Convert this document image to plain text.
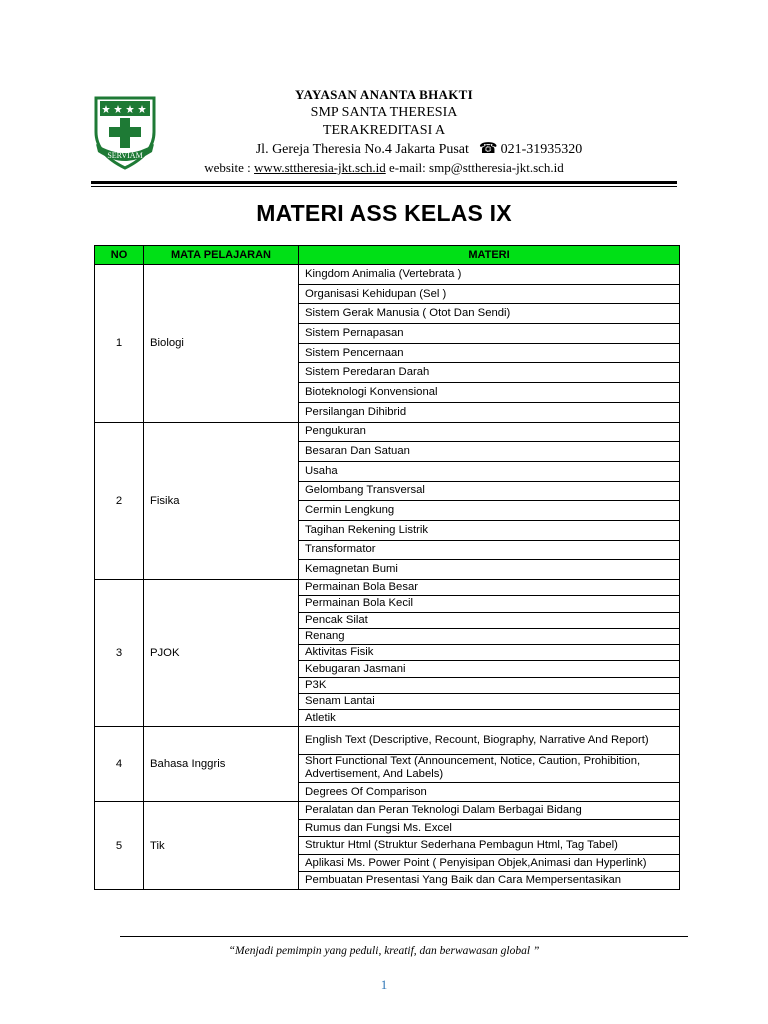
SERVIAM
YAYASAN ANANTA BHAKTI
SMP SANTA THERESIA
TERAKREDITASI A
Jl. Gereja Theresia No.4 Jakarta Pusat ☎ 021-31935320
website : www.sttheresia-jkt.sch.id e-mail: smp@sttheresia-jkt.sch.id
MATERI ASS KELAS IX
NO	MATA PELAJARAN	MATERI
1	Biologi	Kingdom Animalia (Vertebrata )
		Organisasi Kehidupan (Sel )
		Sistem Gerak Manusia ( Otot Dan Sendi)
		Sistem Pernapasan
		Sistem Pencernaan
		Sistem Peredaran Darah
		Bioteknologi Konvensional
		Persilangan Dihibrid
2	Fisika	Pengukuran
		Besaran Dan Satuan
		Usaha
		Gelombang Transversal
		Cermin Lengkung
		Tagihan Rekening Listrik
		Transformator
		Kemagnetan Bumi
3	PJOK	Permainan Bola Besar
		Permainan Bola Kecil
		Pencak Silat
		Renang
		Aktivitas Fisik
		Kebugaran Jasmani
		P3K
		Senam Lantai
		Atletik
4	Bahasa Inggris	English Text (Descriptive, Recount, Biography, Narrative And Report)
		Short Functional Text (Announcement, Notice, Caution, Prohibition, Advertisement, And Labels)
		Degrees Of Comparison
5	Tik	Peralatan dan Peran Teknologi Dalam Berbagai Bidang
		Rumus dan Fungsi Ms. Excel
		Struktur Html (Struktur Sederhana Pembagun Html, Tag Tabel)
		Aplikasi Ms. Power Point ( Penyisipan Objek,Animasi dan Hyperlink)
		Pembuatan Presentasi Yang Baik dan Cara Mempersentasikan
“Menjadi pemimpin yang peduli, kreatif, dan berwawasan global ”
1
